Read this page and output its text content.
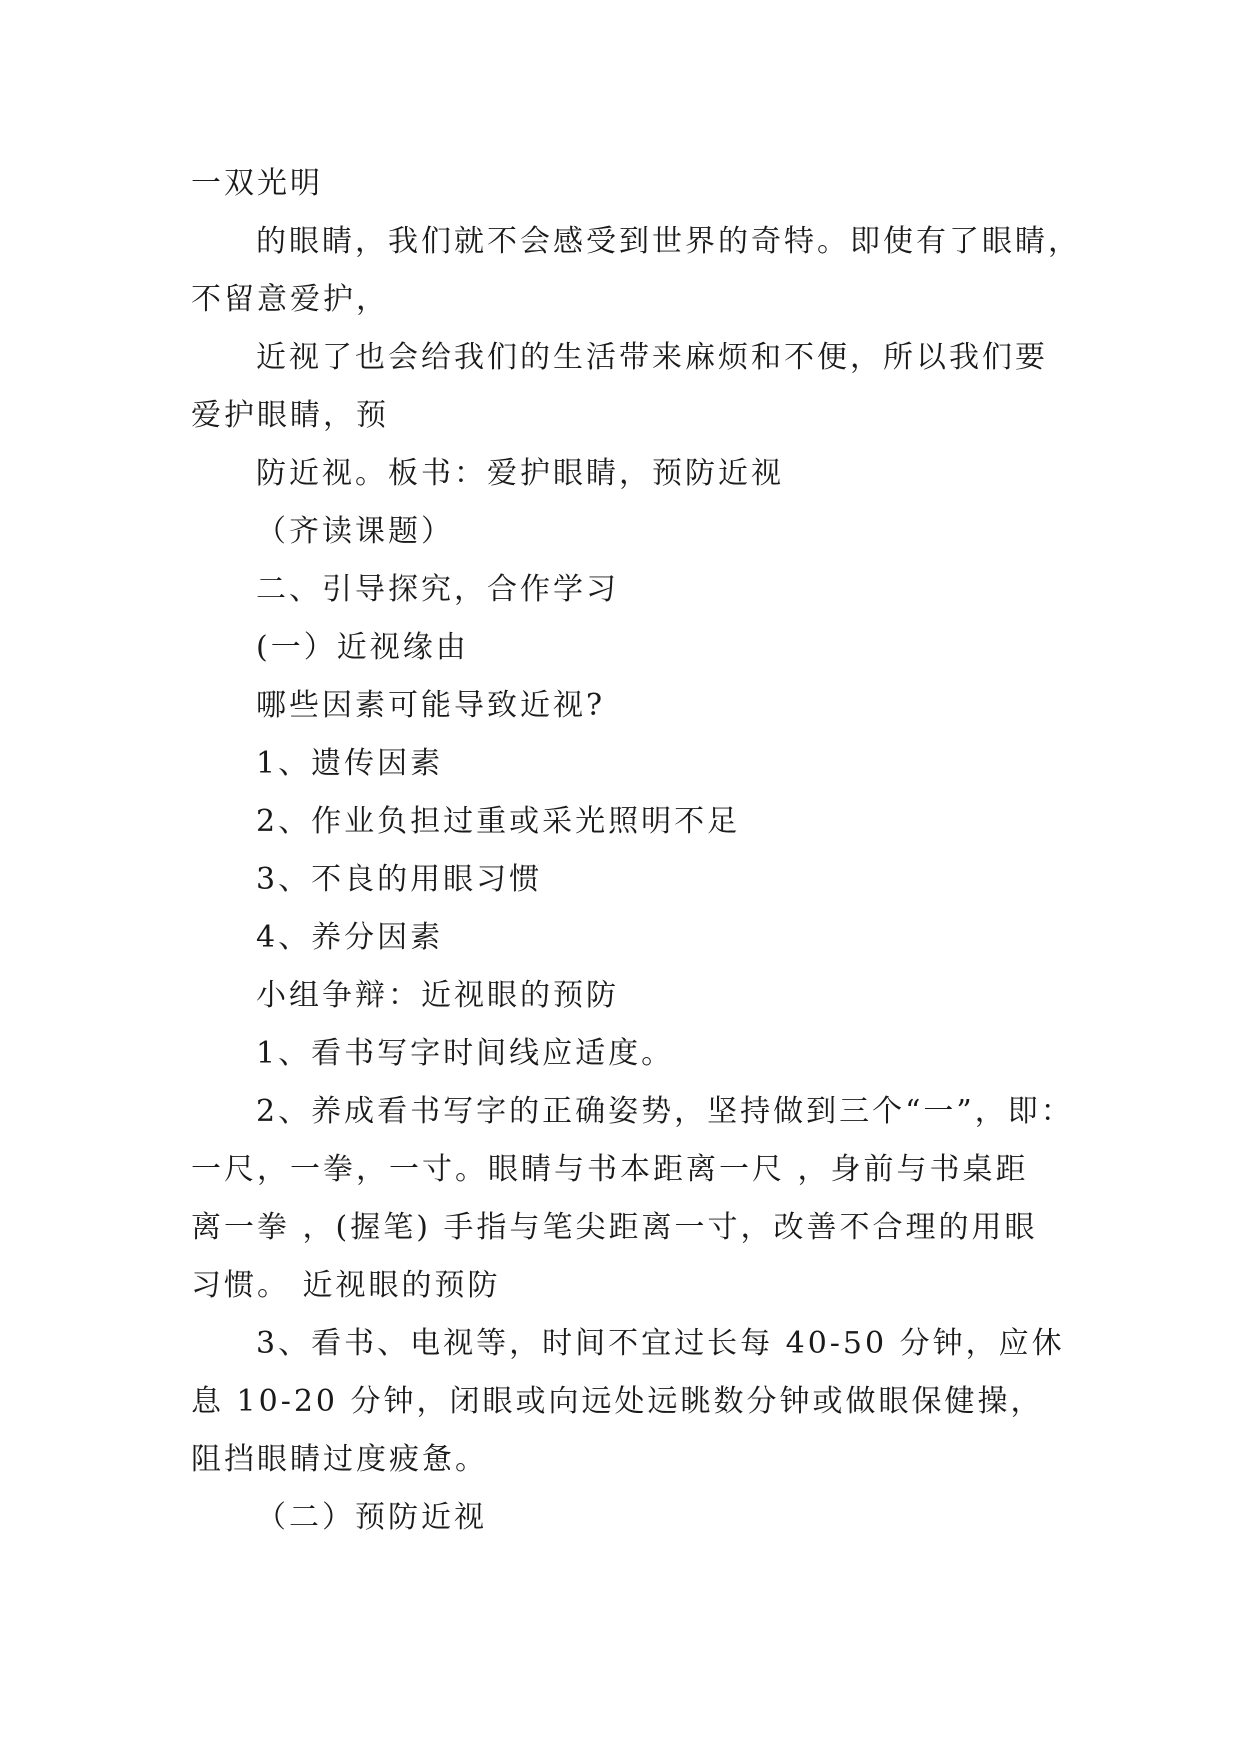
一双光明
的眼睛，我们就不会感受到世界的奇特。即使有了眼睛，
不留意爱护，
近视了也会给我们的生活带来麻烦和不便，所以我们要
爱护眼睛，预
防近视。板书：爱护眼睛，预防近视
（齐读课题）
二、引导探究，合作学习
(一）近视缘由
哪些因素可能导致近视?
1、遗传因素
2、作业负担过重或采光照明不足
3、不良的用眼习惯
4、养分因素
小组争辩：近视眼的预防
1、看书写字时间线应适度。
2、养成看书写字的正确姿势，坚持做到三个“一”，即：
一尺，一拳，一寸。眼睛与书本距离一尺 ，身前与书桌距
离一拳 ，(握笔) 手指与笔尖距离一寸，改善不合理的用眼
习惯。 近视眼的预防
3、看书、电视等，时间不宜过长每 40-50 分钟，应休
息 10-20 分钟，闭眼或向远处远眺数分钟或做眼保健操，
阻挡眼睛过度疲惫。
（二）预防近视
